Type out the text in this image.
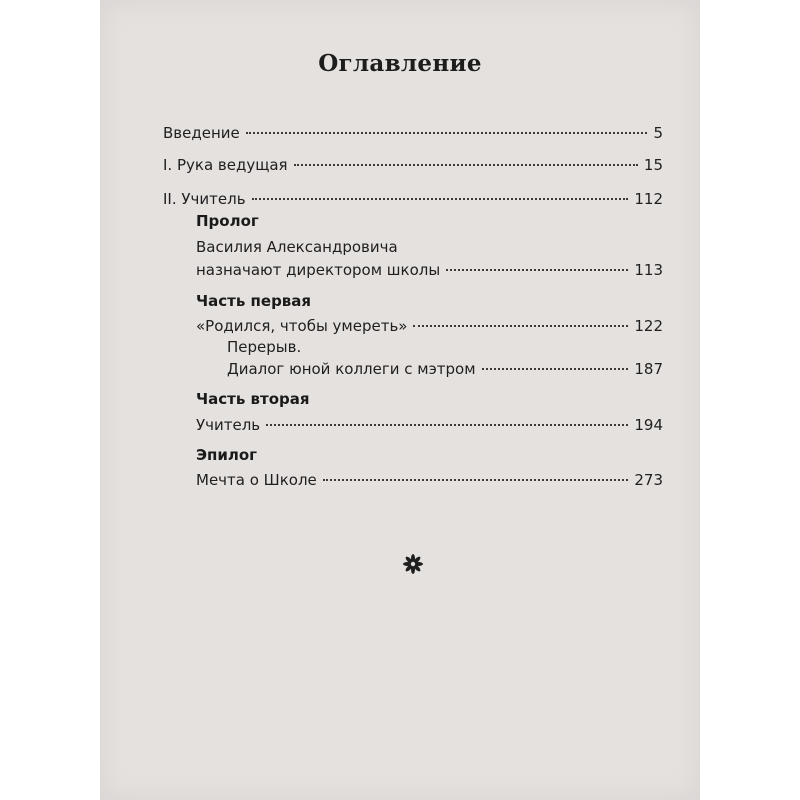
Оглавление
Введение	5
I. Рука ведущая	15
II. Учитель	112
Пролог
Василия Александровича
назначают директором школы	113
Часть первая
«Родился, чтобы умереть»	122
Перерыв.
Диалог юной коллеги с мэтром	187
Часть вторая
Учитель	194
Эпилог
Мечта о Школе	273
